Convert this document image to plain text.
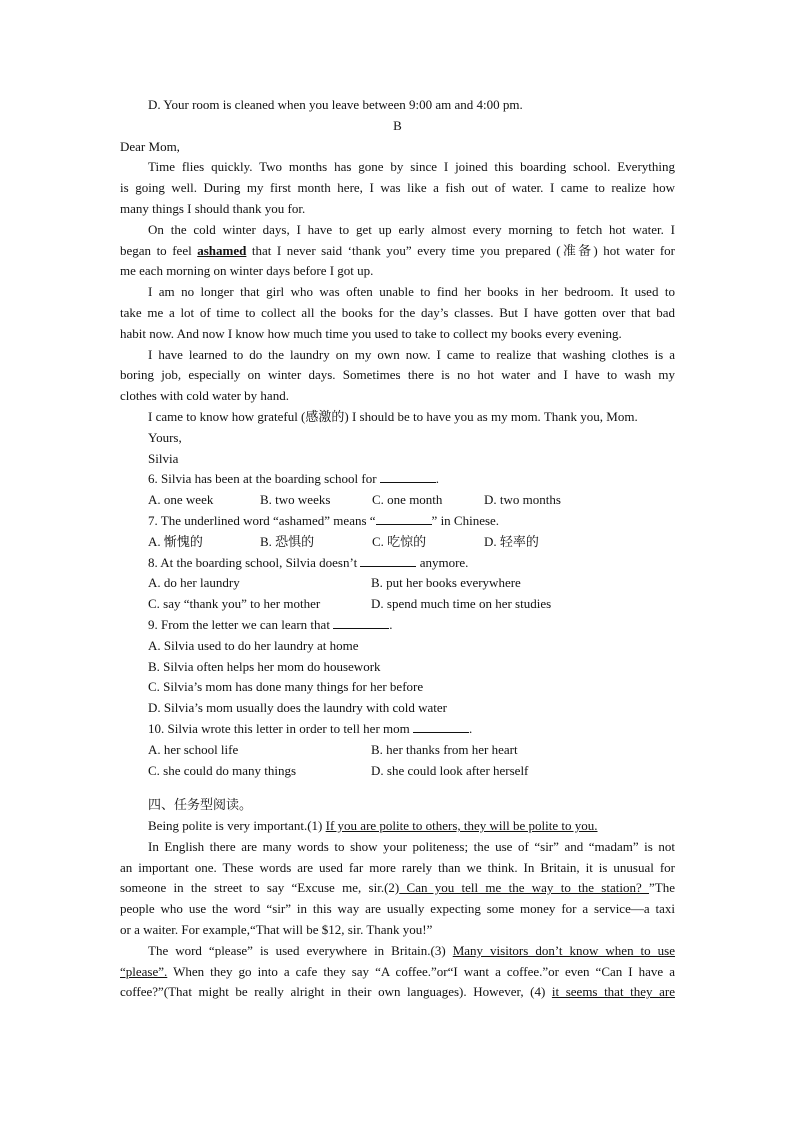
D. Your room is cleaned when you leave between 9:00 am and 4:00 pm.
B
Dear Mom,
Time flies quickly. Two months has gone by since I joined this boarding school. Everything
is going well. During my first month here, I was like a fish out of water. I came to realize how
many things I should thank you for.
On the cold winter days, I have to get up early almost every morning to fetch hot water. I
began to feel ashamed that I never said ‘thank you” every time you prepared (准备) hot water for
me each morning on winter days before I got up.
I am no longer that girl who was often unable to find her books in her bedroom. It used to
take me a lot of time to collect all the books for the day’s classes. But I have gotten over that bad
habit now. And now I know how much time you used to take to collect my books every evening.
I have learned to do the laundry on my own now. I came to realize that washing clothes is a
boring job, especially on winter days. Sometimes there is no hot water and I have to wash my
clothes with cold water by hand.
I came to know how grateful (感激的) I should be to have you as my mom. Thank you, Mom.
Yours,
Silvia
6. Silvia has been at the boarding school for	.
A. one week	B. two weeks	C. one month	D. two months
7. The underlined word “ashamed” means “	” in Chinese.
A. 惭愧的	B. 恐惧的	C. 吃惊的	D. 轻率的
8. At the boarding school, Silvia doesn’t	anymore.
A. do her laundry	B. put her books everywhere
C. say “thank you” to her mother	D. spend much time on her studies
9. From the letter we can learn that	.
A. Silvia used to do her laundry at home
B. Silvia often helps her mom do housework
C. Silvia’s mom has done many things for her before
D. Silvia’s mom usually does the laundry with cold water
10. Silvia wrote this letter in order to tell her mom	.
A. her school life	B. her thanks from her heart
C. she could do many things	D. she could look after herself
四、任务型阅读。
Being polite is very important.(1) If you are polite to others, they will be polite to you.
In English there are many words to show your politeness; the use of “sir” and “madam” is not
an important one. These words are used far more rarely than we think. In Britain, it is unusual for
someone in the street to say “Excuse me, sir.(2) Can you tell me the way to the station? ”The
people who use the word “sir” in this way are usually expecting some money for a service—a taxi
or a waiter. For example,“That will be $12, sir. Thank you!”
The word “please” is used everywhere in Britain.(3) Many visitors don’t know when to use
“please”. When they go into a cafe they say “A coffee.”or“I want a coffee.”or even “Can I have a
coffee?”(That might be really alright in their own languages). However, (4) it seems that they are
